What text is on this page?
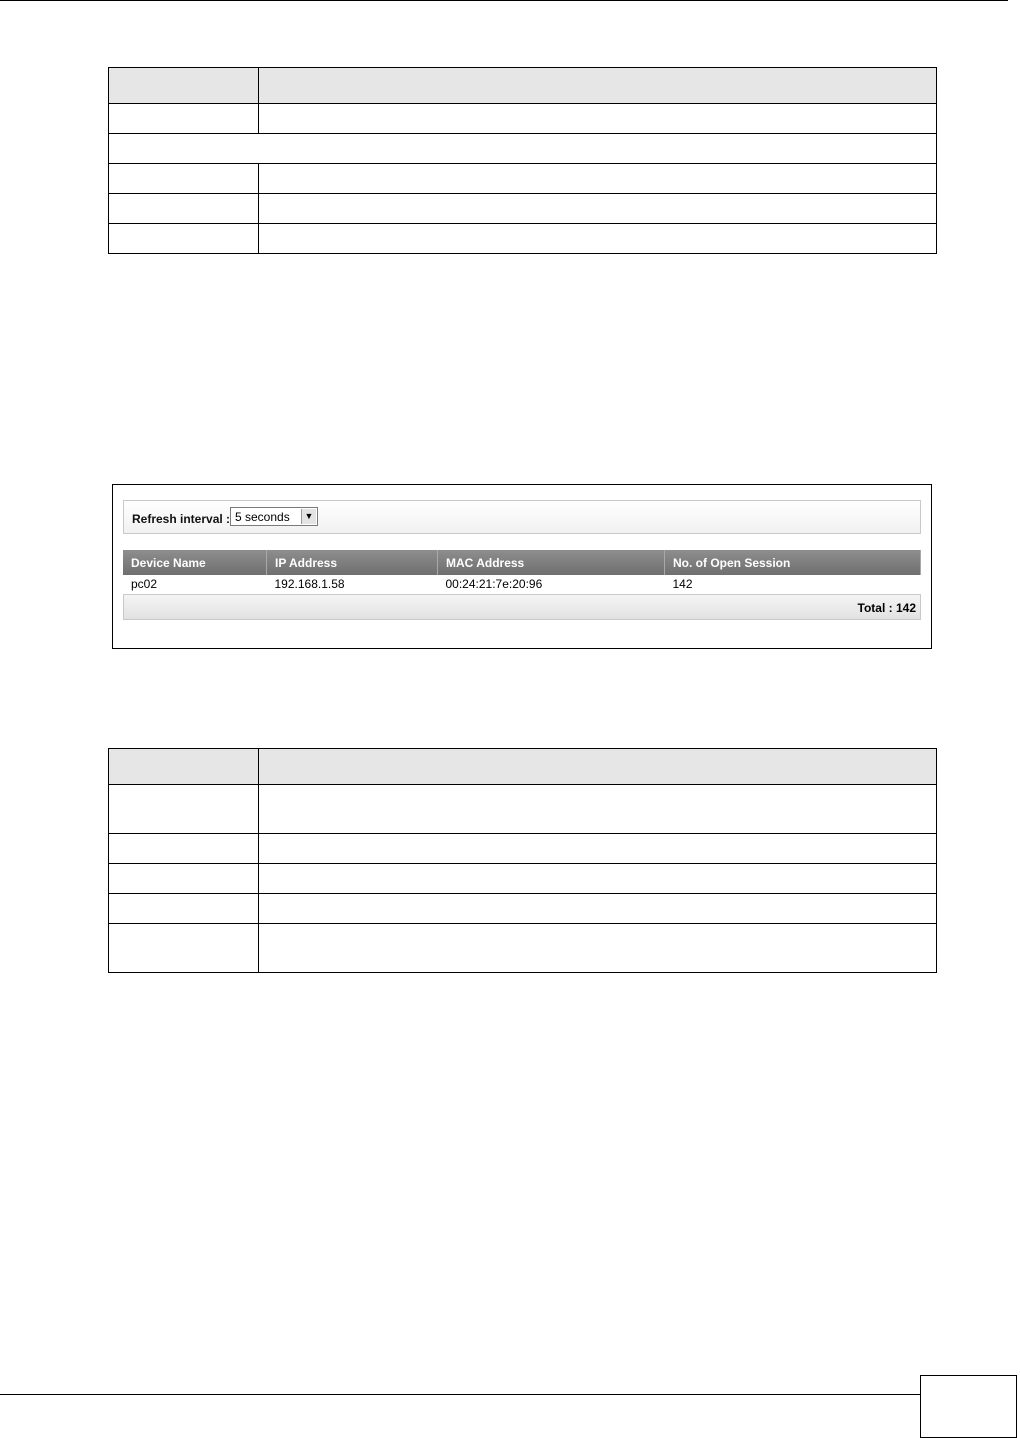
Refresh interval : 5 seconds	▼
Device Name	IP Address	MAC Address	No. of Open Session
pc02	192.168.1.58	00:24:21:7e:20:96	142
Total : 142
